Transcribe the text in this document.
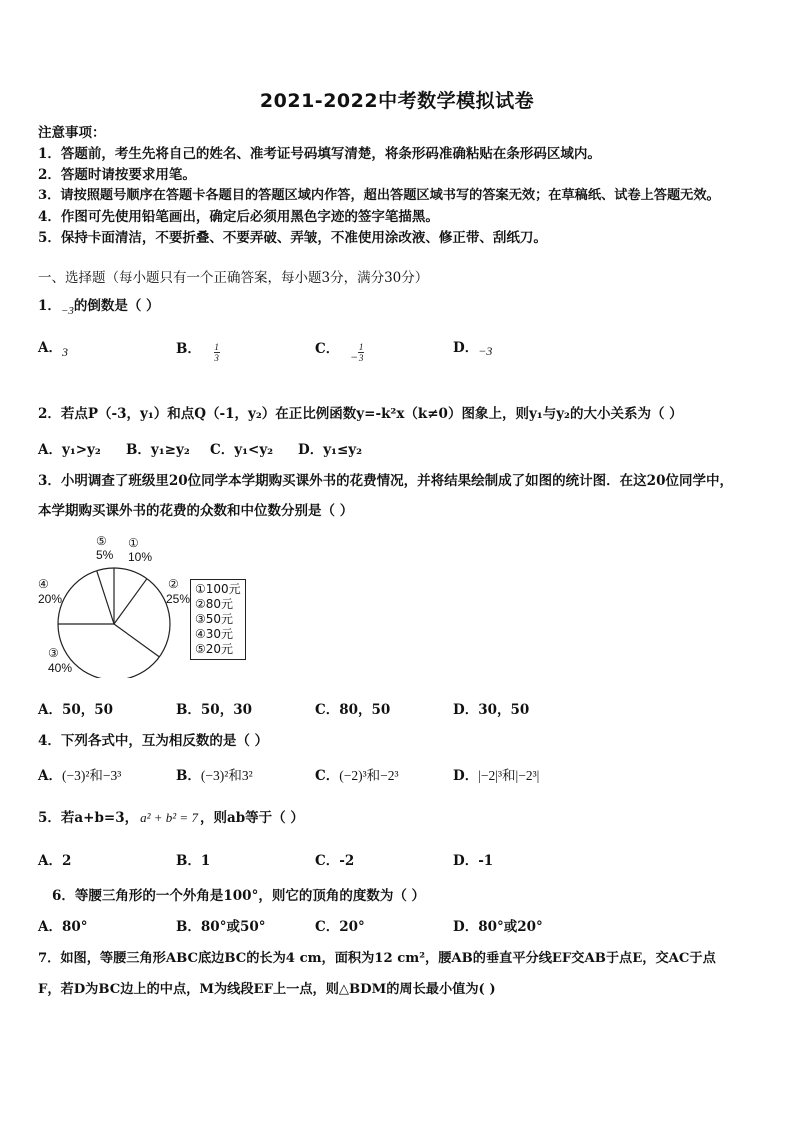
2021-2022中考数学模拟试卷
注意事项：
1．答题前，考生先将自己的姓名、准考证号码填写清楚，将条形码准确粘贴在条形码区域内。
2．答题时请按要求用笔。
3．请按照题号顺序在答题卡各题目的答题区域内作答，超出答题区域书写的答案无效；在草稿纸、试卷上答题无效。
4．作图可先使用铅笔画出，确定后必须用黑色字迹的签字笔描黑。
5．保持卡面清洁，不要折叠、不要弄破、弄皱，不准使用涂改液、修正带、刮纸刀。
一、选择题（每小题只有一个正确答案，每小题3分，满分30分）
1．$_{-3}$的倒数是（ ）
A．3	B． $\frac{1}{3}$	C． $-\frac{1}{3}$	D．−3
2．若点P（-3，y₁）和点Q（-1，y₂）在正比例函数y=-k²x（k≠0）图象上，则y₁与y₂的大小关系为（ ）
A．y₁>y₂ B．y₁≥y₂ C．y₁<y₂ D．y₁≤y₂
3．小明调查了班级里20位同学本学期购买课外书的花费情况，并将结果绘制成了如图的统计图．在这20位同学中，
本学期购买课外书的花费的众数和中位数分别是（ ）
⑤
5%
①
10%
②
25%
④
20%
③
40%
①100元
②80元
③50元
④30元
⑤20元
A．50，50	B．50，30	C．80，50	D．30，50
4．下列各式中，互为相反数的是（ ）
A．(−3)²和−3³	B．(−3)²和3²	C．(−2)³和−2³	D．|−2|³和|−2³|
5．若a+b=3， a² + b² = 7 ，则ab等于（ ）
A．2	B．1	C．-2	D．-1
6．等腰三角形的一个外角是100°，则它的顶角的度数为（ ）
A．80°	B．80°或50°	C．20°	D．80°或20°
7．如图，等腰三角形ABC底边BC的长为4 cm，面积为12 cm²，腰AB的垂直平分线EF交AB于点E，交AC于点
F，若D为BC边上的中点，M为线段EF上一点，则△BDM的周长最小值为( )
